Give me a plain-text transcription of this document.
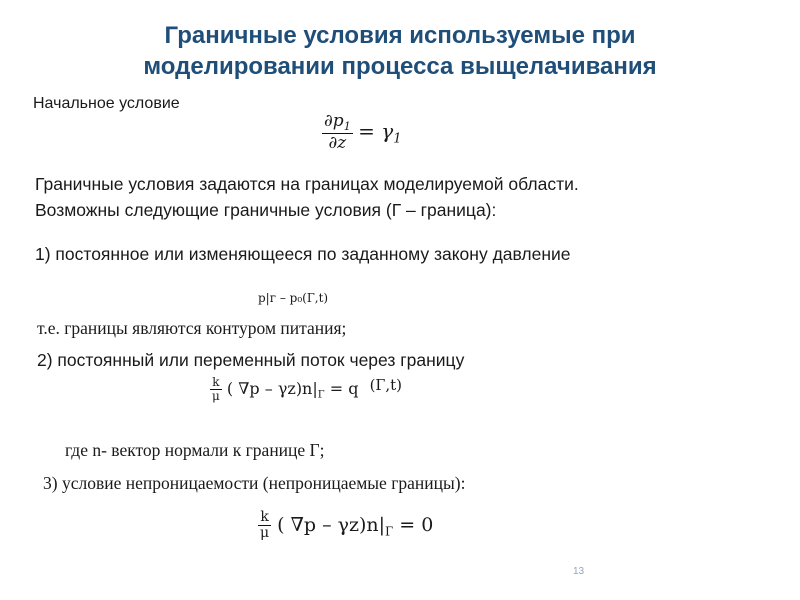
Граничные условия используемые при
моделировании процесса выщелачивания
Начальное условие
$\frac{\partial p_1}{\partial z} = \gamma_1$
Граничные условия задаются на границах моделируемой области.
Возможны следующие граничные условия (Г – граница):
1) постоянное или изменяющееся по заданному закону давление
p|г – p₀(Г,t)
т.е. границы являются контуром питания;
2) постоянный или переменный поток через границу
$\frac{k}{\mu}$ ( $\nabla p - \gamma z)n|_Г = q$ (Г,t)
где n- вектор нормали к границе Г;
3) условие непроницаемости (непроницаемые границы):
$\frac{k}{\mu}$ ( $\nabla p - \gamma z)n|_Г = 0$
13
